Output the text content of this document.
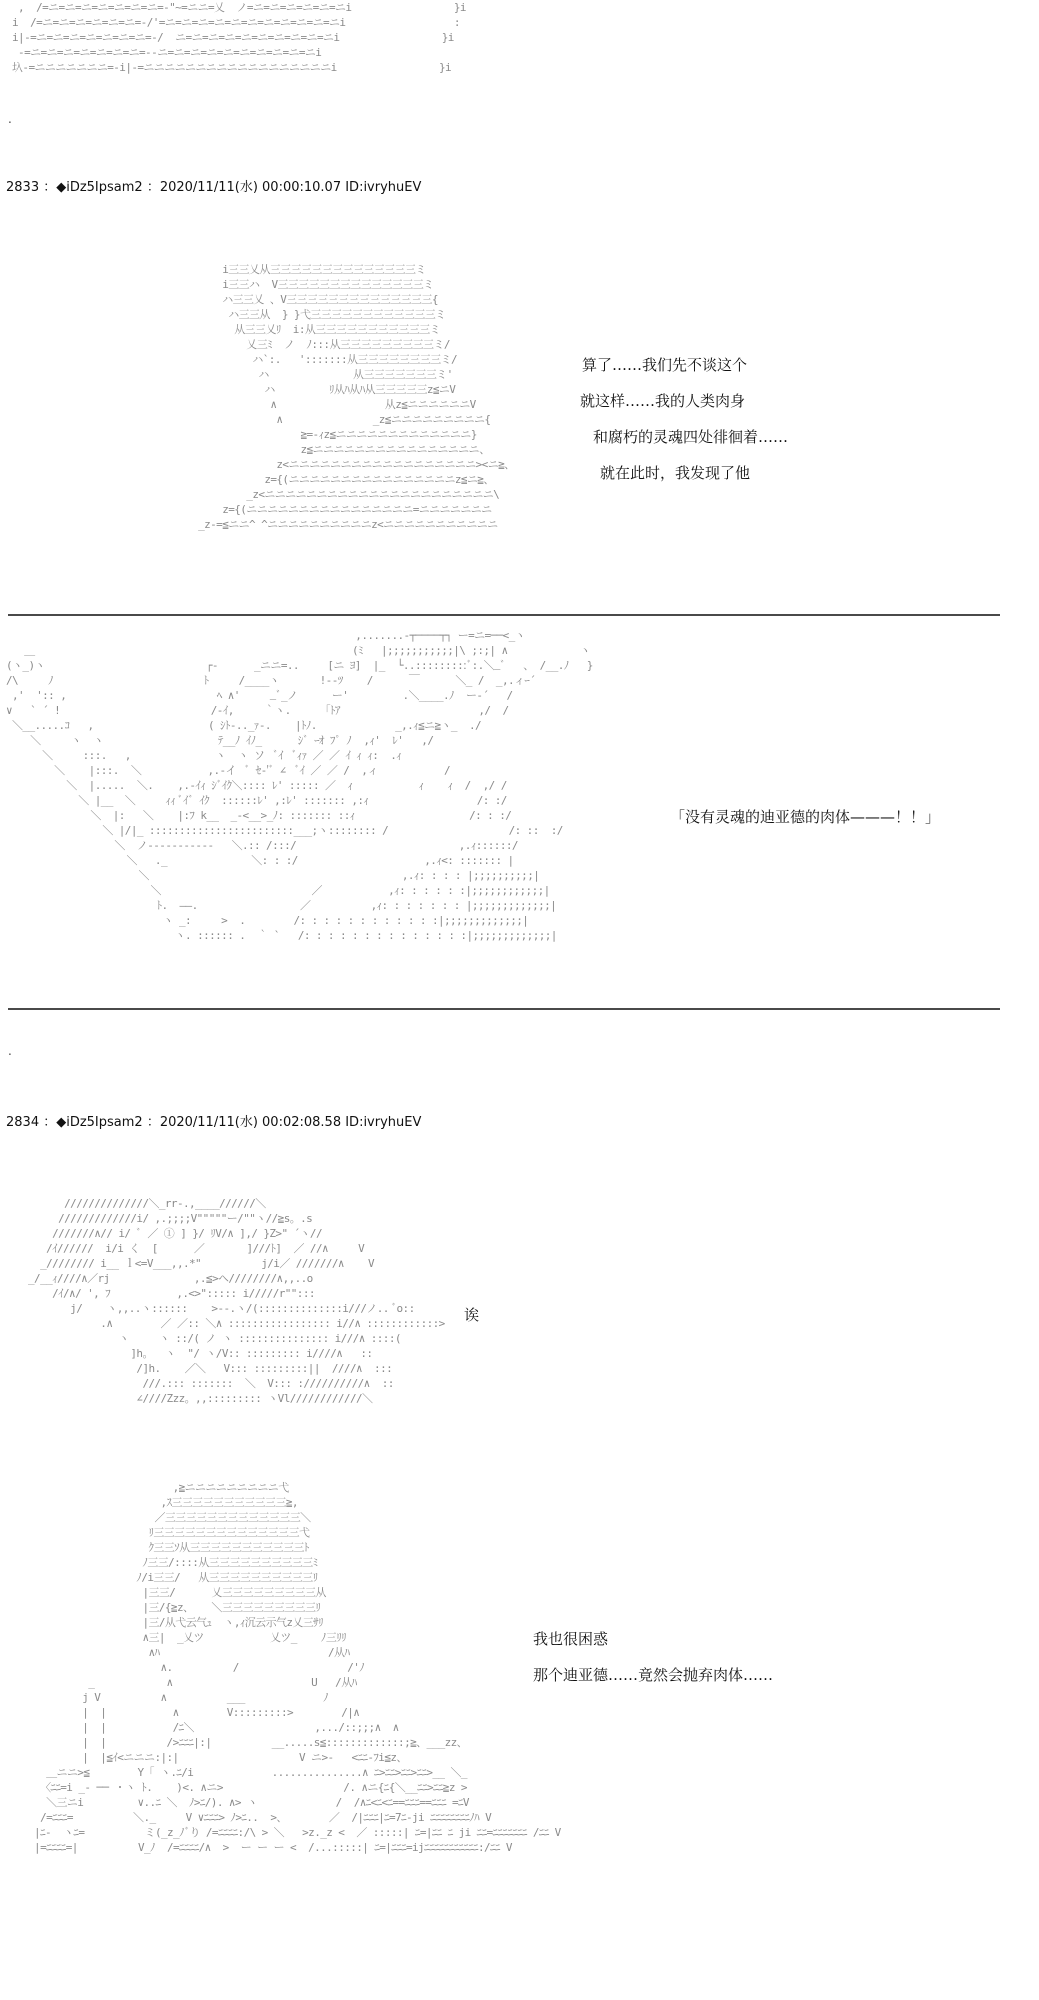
,  /=ニ=ニ=ニ=ニ=ニ=ニ=ニ=-"~=ニニ=乂  ノ=ニ=ニ=ニ=ニ=ニ=ニi                 }i
i  /=ニ=ニ=ニ=ニ=ニ=ニ=-/'=ニ=ニ=ニ=ニ=ニ=ニ=ニ=ニ=ニ=ニ=ニi                  :
i|-=ニ=ニ=ニ=ニ=ニ=ニ=ニ=-/  ニ=ニ=ニ=ニ=ニ=ニ=ニ=ニ=ニ=ニi                 }i
-=ニ=ニ=ニ=ニ=ニ=ニ=ニ=--ニ=ニ=ニ=ニ=ニ=ニ=ニ=ニ=ニ=ニi
圦-=ニニニニニニニ=-i|-=ニニニニニニニニニニニニニニニニニニi                 }i

.
2833 ：◆iDz5Ipsam2 ：2020/11/11(水) 00:00:10.07 ID:ivryhuEV
i三三乂从三三三三三三三三三三三三三三ミ
i三三ハ  V三三三三三三三三三三三三三三ミ
ハ三三乂 、V三三三三三三三三三三三三三三{
ハ三三从  } }弋三三三三三三三三三三三三ミ
从三三乂ﾘ  i:从三三三三三三三三三三三ミ
乂三ﾐ  ノ  ﾉ:::从三三三三三三三三三ミ/
ハ`:.   ':::::::从三三三三三三三三ミ/
ハ              从三三三三三三三ミ'
ハ         ﾘ从ﾊ从ﾊ从三三三三三z≦ニV
∧                  从z≦ニニニニニニV
∧               _z≦ニニニニニニニニニ{
≧=-ｨz≦ニニニニニニニニニニニニニ}
z≦ニニニニニニニニニニニニニニニニ、
z<ニニニニニニニニニニニニニニニニニニ><ニ≧、
z={(ニニニニニニニニニニニニニニニニz≦ニ≧、
_z<ニニニニニニニニニニニニニニニニニニニニニニ\
z={(ニニニニニニニニニニニニニニニニ=ニニニニニニニ
_z-=≦ニニ^ ^ニニニニニニニニニニz<ニニニニニニニニニニニ

算了……我们先不谈这个
就这样……我的人类肉身
和腐朽的灵魂四处徘徊着……
就在此时，我发现了他
,.......-┬────┬┐ ー=ニ=──<_ヽ
＿         　                                          (ﾐ   |;;;;;;;;;;;|\ ;:;| ∧            ヽ
(ヽ_)ヽ        　                 ┌-      _ニニ=..  　 [ニ ﾖ]  |_  └..:::::::::ﾞ:.＼_ﾞ   、 /__.ﾉ   }
/\     ﾉ                         ﾄ     /____ヽ    　 !--ﾂ    /      ￣      ＼_ /  _,.ィｰ´
,'  ':: ,                         ﾍ ∧'     _ﾞ_ノ　    ー'         .＼____.ﾉ  ー‐´   /
∨   ` ´ !                         /-ｲ,     ｀ヽ.    　「ﾄｱ                       ,/  /
＼__.....ｺ   ,                   ( ｼﾄ-.._ｧ-.    |ﾄﾉ.             _,.ｨ≦ニ≧ヽ_  ./
＼     ヽ  ヽ                   ﾃ__ﾉ ｲﾉ_      ｼﾞ ｰｵ ﾌﾟ ﾉ  ,ｨ'  ﾚ'   ,/
＼     :::.   ,              ヽ  ヽ ソ  ﾞｲ  ﾞｨｧ ／ ／ ｲ ｨ ｨ:  .ｨ
＼    |:::.  ＼           ,.-イ  ﾞ ｾ‐'ﾞ ∠  ﾞｲ ／ ／ /  ,ィ           /
＼  |.....  ＼.    ,.-ｲｨ ｼﾞｲｸ＼:::: ﾚ' ::::: ／  ｨ           ｨ    ｨ  /  ,/ /
＼ |__  ＼     ｨｨ ﾞｲﾞ ｲｸ  ::::::ﾚ' ,:ﾚ' ::::::: ,:ｨ                  /: :/
＼  |:   ＼    |:ﾌ k__  _-<__>_ﾉ: ::::::: ::ｨ                   /: : :/
＼ |/|_ ::::::::::::::::::::::::___;ヽ:::::::: /                    /: ::  :/
＼  ノ-----------   ＼.:: /:::/                           ,.ｨ::::::/
＼   ._              ＼: : :/                     ,.ｨ<: ::::::: |
＼                                          ,.ｨ: : : : |;;;;;;;;;;|
＼                         ／           ,ｨ: : : : : :|;;;;;;;;;;;;|
ﾄ.  ――.                 ／          ,ｨ: : : : : : : |;;;;;;;;;;;;;|
ヽ _:     >  .        /: : : : : : : : : : : :|;;;;;;;;;;;;;|
ヽ. :::::: .  ｀ `   /: : : : : : : : : : : : : :|;;;;;;;;;;;;;|

「没有灵魂的迪亚德的肉体———！！」
.
2834 ：◆iDz5Ipsam2 ：2020/11/11(水) 00:02:08.58 ID:ivryhuEV
//////////////＼_rr-.,____//////＼
/////////////i/ ,.;;;;V"""""ー/""ヽ//≧s。.s
///////∧// i/ ﾞ ／ ① ] }/ ﾘV/∧ ],/ }Z>" ´ヽ//
/ｲ//////  i/i く  [      ／       ]///ﾄ]  ／ //∧     V
_//////// i__ ｌ<=V___,,.*"          j/i／ ///////∧    V
_/__ｨ////∧／rj              ,.≦>ヘ////////∧,,..o
/ｲ/∧/ ', ﾌ           ,.<>"::::: i/////r"":::
j/    ヽ,,..ヽ::::::    >--.ヽ/(::::::::::::::i///ノ.. ﾞo::
.∧        ／ ／:: ＼∧ ::::::::::::::::: i//∧ ::::::::::::>
ヽ     ヽ ::/( ノ ヽ ::::::::::::::: i///∧ ::::(
]h。  ヽ  "/ ヽ/V:: ::::::::: i////∧   ::
/]h.    ／＼   V::: :::::::::||  ////∧  :::
///.::: :::::::  ＼  V::: ://////////∧  ::
∠////Zzz。,,::::::::: ヽVl////////////＼

诶
,≧ニニニニニニニニニ弋
,ｽ三三三三三三三三三三三≧,
／三三三三三三三三三三三三三＼
ﾘ三三三三三三三三三三三三三三弋
ｸ三三ｿ从三三三三三三三三三三三ﾄ
ﾉ三三/::::从三三三三三三三三三三ﾐ
ﾉ/i三三/   从三三三三三三三三三三ﾘ
|三三/      乂三三三三三三三三三从
|三/{≧z、   ＼三三三三三三三三三ﾘ
|三/从弋云气ｭ  ヽ,ｨ沉云示气z乂三ｻﾘ
∧三|  _乂ツ           乂ツ_    ﾉ三ﾘﾘ
∧ﾊ                            /从ﾊ
∧.          /                  /'ﾉ
_            ∧                       U   /从ﾊ
j V          ∧          ___             ﾉ
|  |           ∧        V:::::::::>        /|∧
|  |           /ﾆ＼                    ,.../::;;;∧  ∧
|  |          />ﾆﾆﾆ|:|          __.....s≦:::::::::::::;≧、___zz、
|  |≦ｲ<ニニニ:|:|                    V ニ>-   <ﾆﾆ-ﾌi≦z、
＿ニニ>≦        Y「 ヽ.ﾆ/i             ...............∧ ﾆ>ﾆﾆ>ﾆﾆ>ﾆﾆ>__ ＼_
〈ﾆﾆ=i _- ── ・ヽ ﾄ.    )<. ∧ニ>                    /. ∧ニ{ﾆ{＼__ﾆﾆ>ﾆﾆ≧z >
＼三ニi         ∨..ﾆ ＼  ﾉ>ﾆ/). ∧> ヽ             /  /∧ﾆ<ﾆ<ﾆ==ﾆﾆﾆ==ﾆﾆﾆ =ﾆV
/=ﾆﾆﾆ=          ＼._     V ∨ﾆﾆﾆ> ﾉ>ﾆ..  >、       ／  /|ﾆﾆﾆ|ﾆ=7ﾆ-ji ﾆﾆﾆﾆﾆﾆﾆﾆﾉﾊ V
|ﾆ-  ヽﾆ=          ミ(_z_ﾉﾞり /=ﾆﾆﾆﾆ:/\ > ＼   >z._z <  ／ :::::| ﾆ=|ﾆﾆ ﾆ ji ﾆﾆ=ﾆﾆﾆﾆﾆﾆﾆ /ﾆﾆ V
|=ﾆﾆﾆﾆ=|          V_ﾉ  /=ﾆﾆﾆﾆ/∧  >  ー ー ー <  /...:::::| ﾆ=|ﾆﾆﾆ=ijﾆﾆﾆﾆﾆﾆﾆﾆﾆﾆﾆ:/ﾆﾆ V

我也很困惑
那个迪亚德……竟然会抛弃肉体……
